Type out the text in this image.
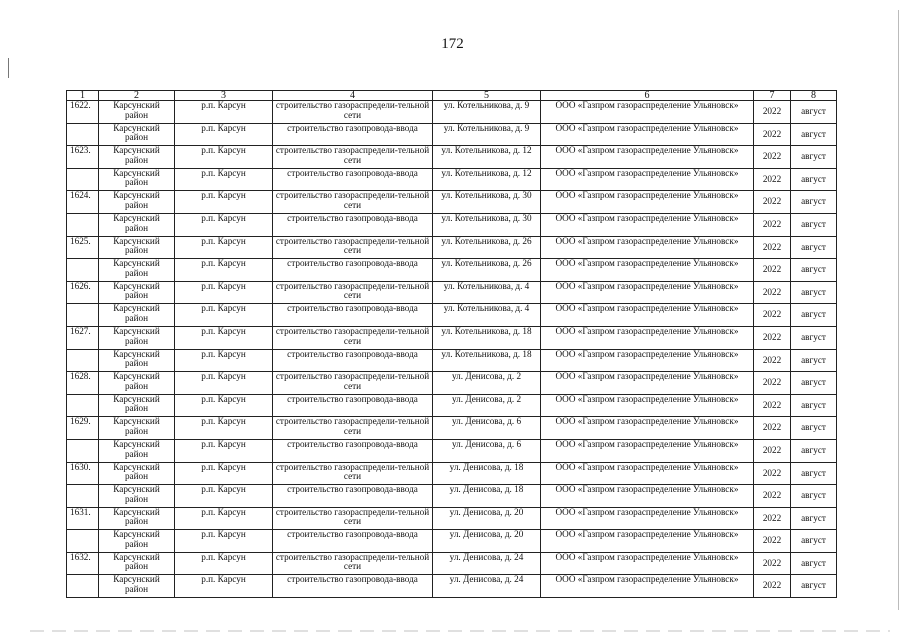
172
1	2	3	4	5	6	7	8
1622.	Карсунский район	р.п. Карсун	строительство газораспредели-тельной сети	ул. Котельникова, д. 9	ООО «Газпром газораспределение Ульяновск»	2022	август
	Карсунский район	р.п. Карсун	строительство газопровода-ввода	ул. Котельникова, д. 9	ООО «Газпром газораспределение Ульяновск»	2022	август
1623.	Карсунский район	р.п. Карсун	строительство газораспредели-тельной сети	ул. Котельникова, д. 12	ООО «Газпром газораспределение Ульяновск»	2022	август
	Карсунский район	р.п. Карсун	строительство газопровода-ввода	ул. Котельникова, д. 12	ООО «Газпром газораспределение Ульяновск»	2022	август
1624.	Карсунский район	р.п. Карсун	строительство газораспредели-тельной сети	ул. Котельникова, д. 30	ООО «Газпром газораспределение Ульяновск»	2022	август
	Карсунский район	р.п. Карсун	строительство газопровода-ввода	ул. Котельникова, д. 30	ООО «Газпром газораспределение Ульяновск»	2022	август
1625.	Карсунский район	р.п. Карсун	строительство газораспредели-тельной сети	ул. Котельникова, д. 26	ООО «Газпром газораспределение Ульяновск»	2022	август
	Карсунский район	р.п. Карсун	строительство газопровода-ввода	ул. Котельникова, д. 26	ООО «Газпром газораспределение Ульяновск»	2022	август
1626.	Карсунский район	р.п. Карсун	строительство газораспредели-тельной сети	ул. Котельникова, д. 4	ООО «Газпром газораспределение Ульяновск»	2022	август
	Карсунский район	р.п. Карсун	строительство газопровода-ввода	ул. Котельникова, д. 4	ООО «Газпром газораспределение Ульяновск»	2022	август
1627.	Карсунский район	р.п. Карсун	строительство газораспредели-тельной сети	ул. Котельникова, д. 18	ООО «Газпром газораспределение Ульяновск»	2022	август
	Карсунский район	р.п. Карсун	строительство газопровода-ввода	ул. Котельникова, д. 18	ООО «Газпром газораспределение Ульяновск»	2022	август
1628.	Карсунский район	р.п. Карсун	строительство газораспредели-тельной сети	ул. Денисова, д. 2	ООО «Газпром газораспределение Ульяновск»	2022	август
	Карсунский район	р.п. Карсун	строительство газопровода-ввода	ул. Денисова, д. 2	ООО «Газпром газораспределение Ульяновск»	2022	август
1629.	Карсунский район	р.п. Карсун	строительство газораспредели-тельной сети	ул. Денисова, д. 6	ООО «Газпром газораспределение Ульяновск»	2022	август
	Карсунский район	р.п. Карсун	строительство газопровода-ввода	ул. Денисова, д. 6	ООО «Газпром газораспределение Ульяновск»	2022	август
1630.	Карсунский район	р.п. Карсун	строительство газораспредели-тельной сети	ул. Денисова, д. 18	ООО «Газпром газораспределение Ульяновск»	2022	август
	Карсунский район	р.п. Карсун	строительство газопровода-ввода	ул. Денисова, д. 18	ООО «Газпром газораспределение Ульяновск»	2022	август
1631.	Карсунский район	р.п. Карсун	строительство газораспредели-тельной сети	ул. Денисова, д. 20	ООО «Газпром газораспределение Ульяновск»	2022	август
	Карсунский район	р.п. Карсун	строительство газопровода-ввода	ул. Денисова, д. 20	ООО «Газпром газораспределение Ульяновск»	2022	август
1632.	Карсунский район	р.п. Карсун	строительство газораспредели-тельной сети	ул. Денисова, д. 24	ООО «Газпром газораспределение Ульяновск»	2022	август
	Карсунский район	р.п. Карсун	строительство газопровода-ввода	ул. Денисова, д. 24	ООО «Газпром газораспределение Ульяновск»	2022	август
